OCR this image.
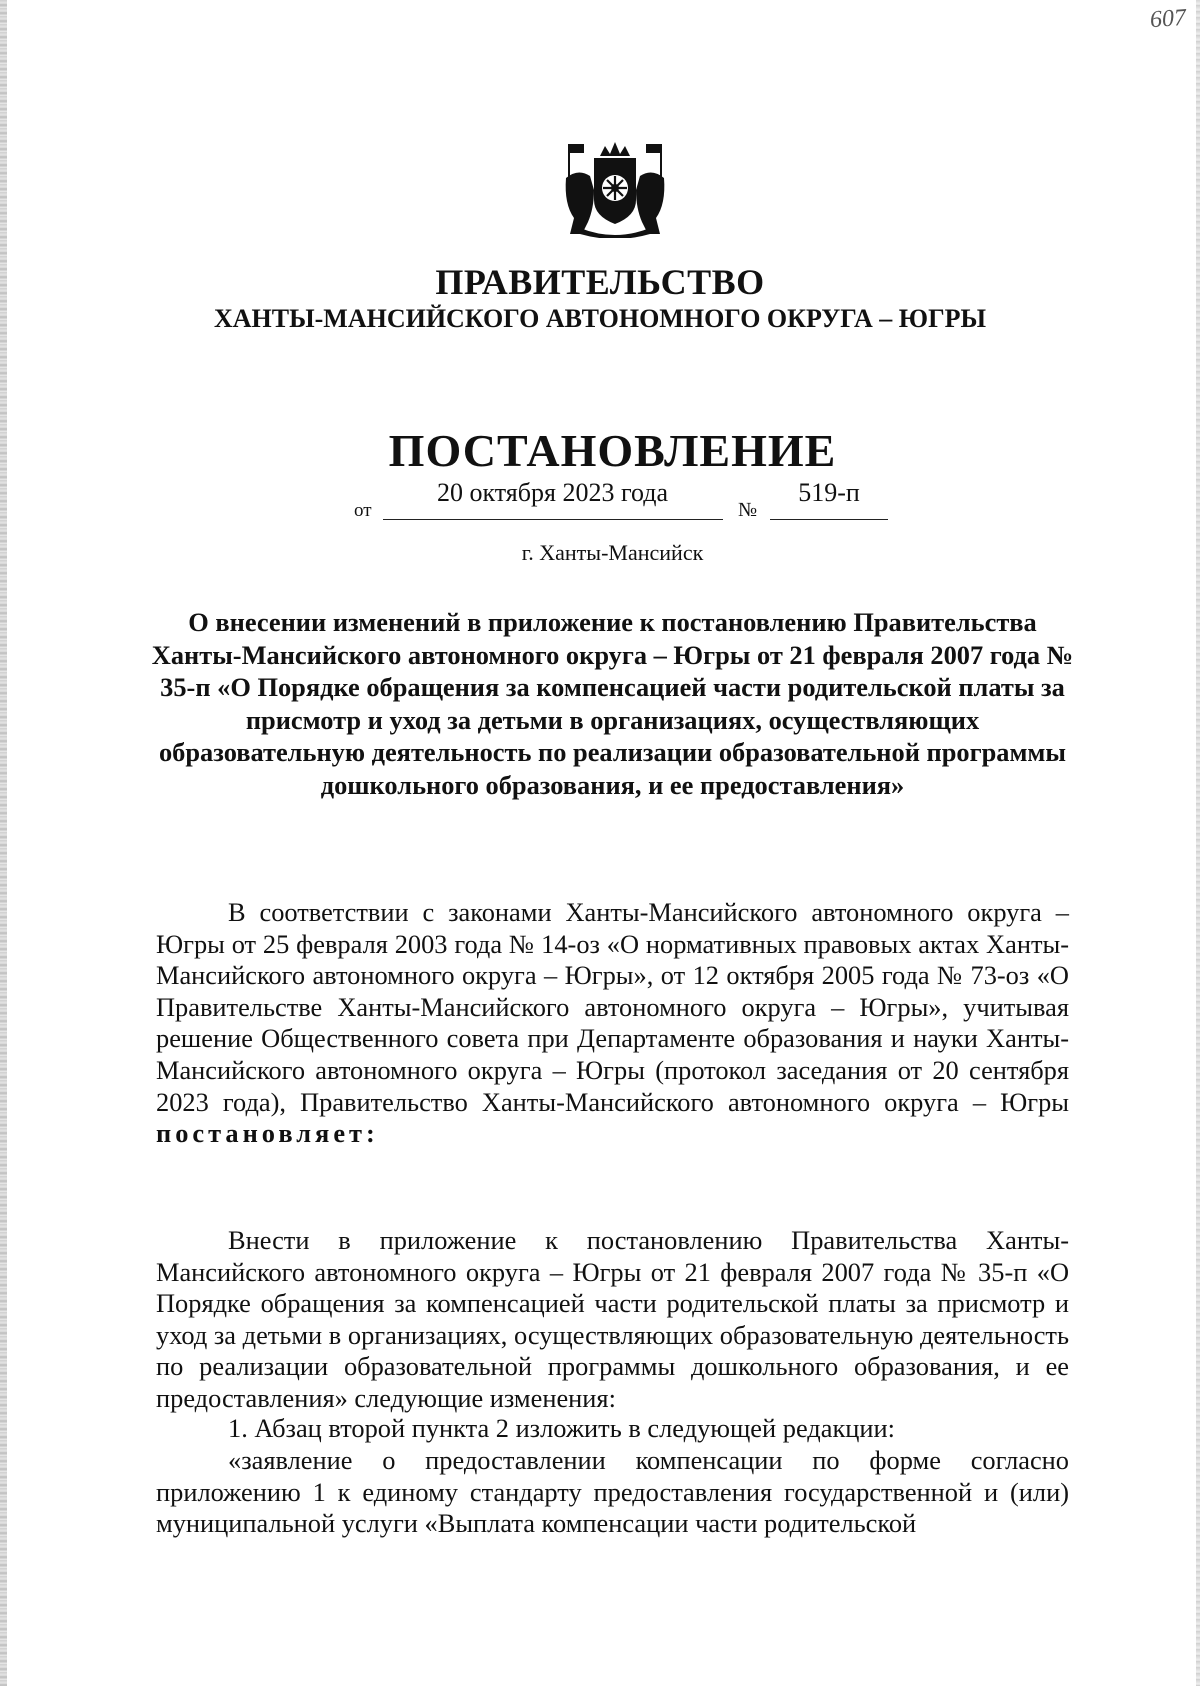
607
ПРАВИТЕЛЬСТВО
ХАНТЫ-МАНСИЙСКОГО АВТОНОМНОГО ОКРУГА – ЮГРЫ
ПОСТАНОВЛЕНИЕ
от
20 октября 2023 года
№
519-п
г. Ханты-Мансийск
О внесении изменений в приложение к постановлению Правительства Ханты-Мансийского автономного округа – Югры от 21 февраля 2007 года № 35-п «О Порядке обращения за компенсацией части родительской платы за присмотр и уход за детьми в организациях, осуществляющих образовательную деятельность по реализации образовательной программы дошкольного образования, и ее предоставления»

В соответствии с законами Ханты-Мансийского автономного округа – Югры от 25 февраля 2003 года № 14-оз «О нормативных правовых актах Ханты-Мансийского автономного округа – Югры», от 12 октября 2005 года № 73-оз «О Правительстве Ханты-Мансийского автономного округа – Югры», учитывая решение Общественного совета при Департаменте образования и науки Ханты-Мансийского автономного округа – Югры (протокол заседания от 20 сентября 2023 года), Правительство Ханты-Мансийского автономного округа – Югры постановляет:

Внести в приложение к постановлению Правительства Ханты-Мансийского автономного округа – Югры от 21 февраля 2007 года № 35-п «О Порядке обращения за компенсацией части родительской платы за присмотр и уход за детьми в организациях, осуществляющих образовательную деятельность по реализации образовательной программы дошкольного образования, и ее предоставления» следующие изменения:

1. Абзац второй пункта 2 изложить в следующей редакции:

«заявление о предоставлении компенсации по форме согласно приложению 1 к единому стандарту предоставления государственной и (или) муниципальной услуги «Выплата компенсации части родительской
